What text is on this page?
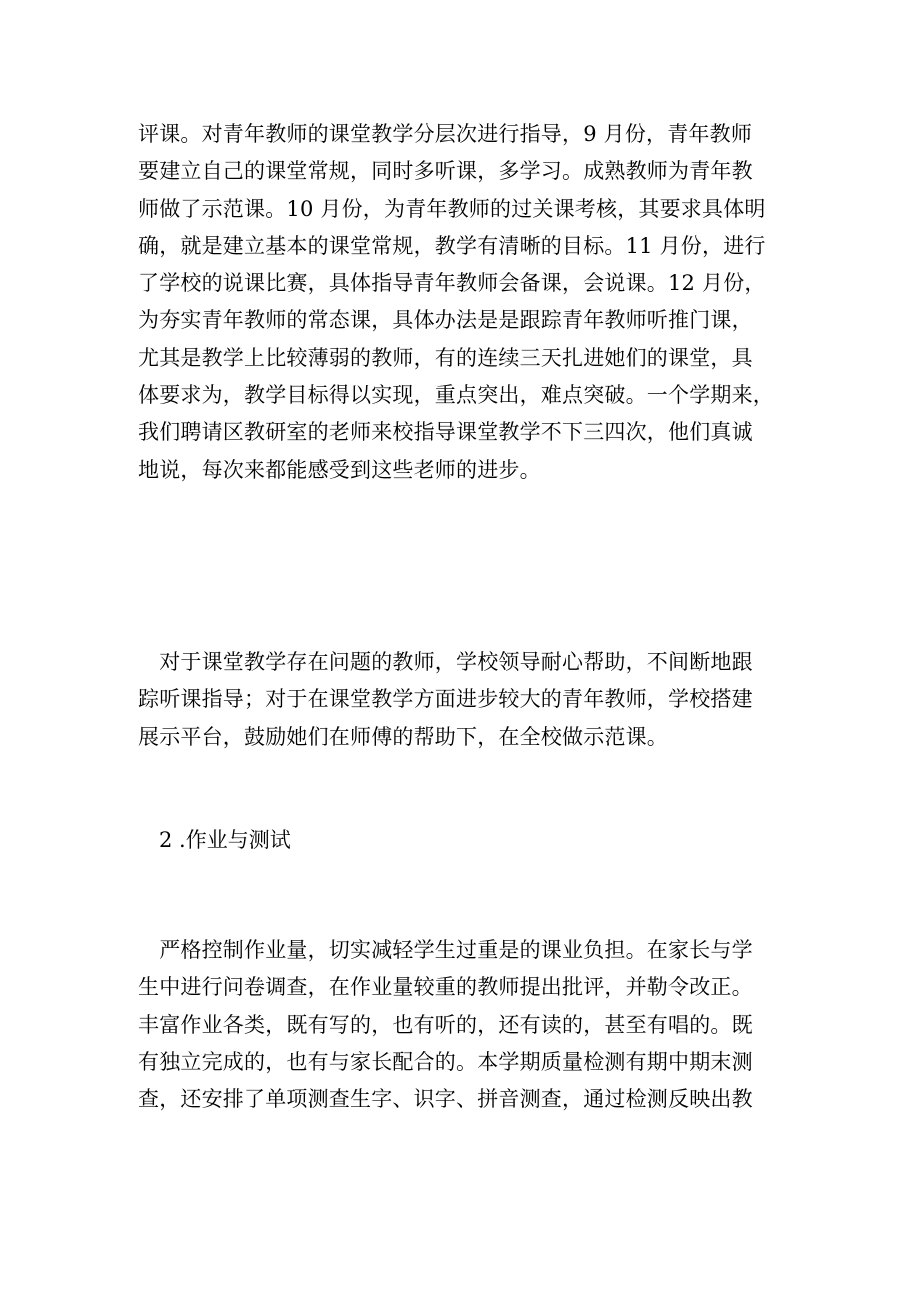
评课。对青年教师的课堂教学分层次进行指导，9 月份，青年教师
要建立自己的课堂常规，同时多听课，多学习。成熟教师为青年教
师做了示范课。10 月份，为青年教师的过关课考核，其要求具体明
确，就是建立基本的课堂常规，教学有清晰的目标。11 月份，进行
了学校的说课比赛，具体指导青年教师会备课，会说课。12 月份，
为夯实青年教师的常态课，具体办法是是跟踪青年教师听推门课，
尤其是教学上比较薄弱的教师，有的连续三天扎进她们的课堂，具
体要求为，教学目标得以实现，重点突出，难点突破。一个学期来，
我们聘请区教研室的老师来校指导课堂教学不下三四次，他们真诚
地说，每次来都能感受到这些老师的进步。

　对于课堂教学存在问题的教师，学校领导耐心帮助，不间断地跟
踪听课指导；对于在课堂教学方面进步较大的青年教师，学校搭建
展示平台，鼓励她们在师傅的帮助下，在全校做示范课。

　2 .作业与测试

　严格控制作业量，切实减轻学生过重是的课业负担。在家长与学
生中进行问卷调查，在作业量较重的教师提出批评，并勒令改正。
丰富作业各类，既有写的，也有听的，还有读的，甚至有唱的。既
有独立完成的，也有与家长配合的。本学期质量检测有期中期末测
查，还安排了单项测查生字、识字、拼音测查，通过检测反映出教
